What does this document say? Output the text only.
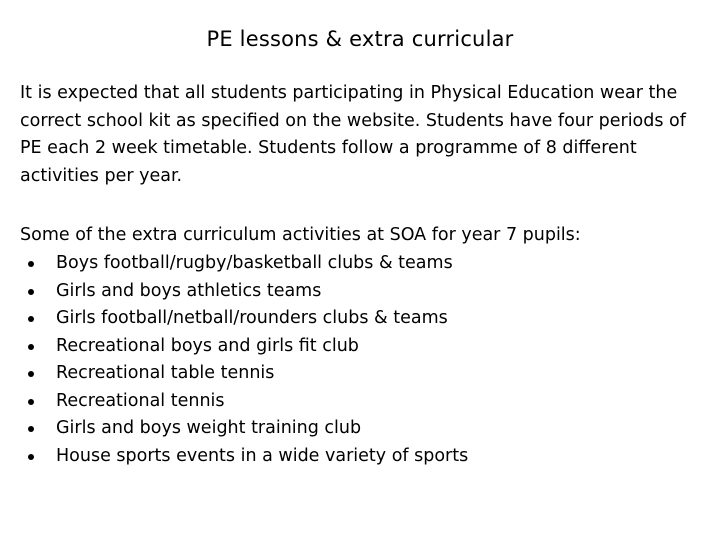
PE lessons & extra curricular

It is expected that all students participating in Physical Education wear the correct school kit as specified on the website. Students have four periods of PE each 2 week timetable. Students follow a programme of 8 different activities per year.

Some of the extra curriculum activities at SOA for year 7 pupils:

Boys football/rugby/basketball clubs & teams
Girls and boys athletics teams
Girls football/netball/rounders clubs & teams
Recreational boys and girls fit club
Recreational table tennis
Recreational tennis
Girls and boys weight training club
House sports events in a wide variety of sports
